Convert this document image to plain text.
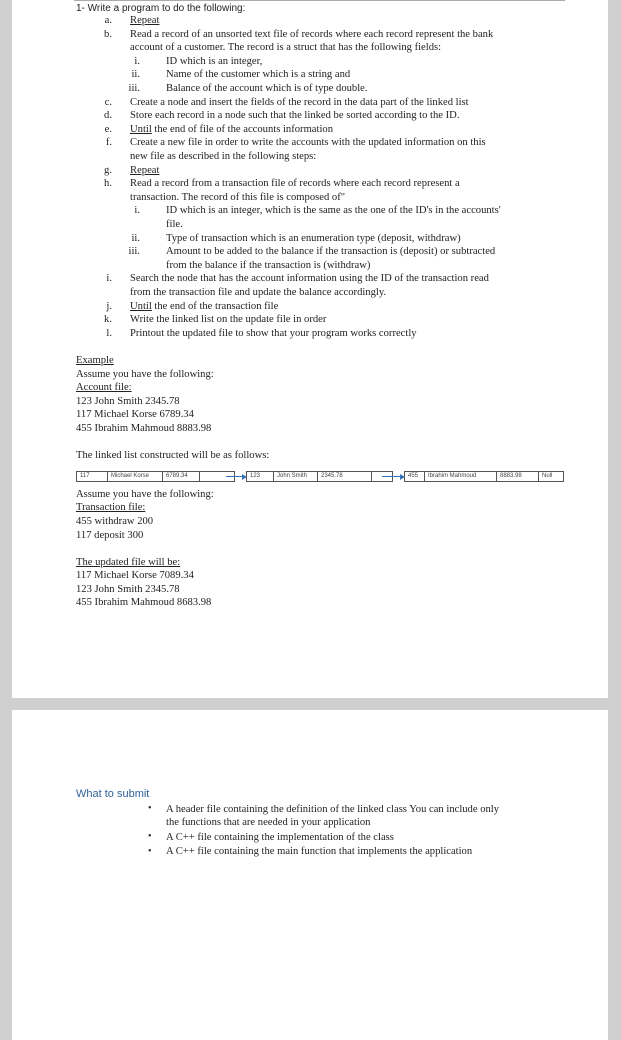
1- Write a program to do the following:
Example
Assume you have the following:
Account file:
123 John Smith 2345.78
117 Michael Korse 6789.34
455 Ibrahim Mahmoud 8883.98
The linked list constructed will be as follows:
117	Michael Korse	6789.34	123	John Smith	2345.78	455	Ibrahim Mahmoud	8883.98	Null
Assume you have the following:
Transaction file:
455 withdraw 200
117 deposit 300
The updated file will be:
117 Michael Korse 7089.34
123 John Smith 2345.78
455 Ibrahim Mahmoud 8683.98
a. Repeat
b. Read a record of an unsorted text file of records where each record represent the bank
account of a customer. The record is a struct that has the following fields:
i. ID which is an integer,
ii. Name of the customer which is a string and
iii. Balance of the account which is of type double.
c. Create a node and insert the fields of the record in the data part of the linked list
d. Store each record in a node such that the linked be sorted according to the ID.
e. Until the end of file of the accounts information
f. Create a new file in order to write the accounts with the updated information on this
new file as described in the following steps:
g. Repeat
h. Read a record from a transaction file of records where each record represent a
transaction. The record of this file is composed of"
i. ID which is an integer, which is the same as the one of the ID's in the accounts'
file.
ii. Type of transaction which is an enumeration type (deposit, withdraw)
iii. Amount to be added to the balance if the transaction is (deposit) or subtracted
from the balance if the transaction is (withdraw)
i. Search the node that has the account information using the ID of the transaction read
from the transaction file and update the balance accordingly.
j. Until the end of the transaction file
k. Write the linked list on the update file in order
l. Printout the updated file to show that your program works correctly
What to submit
• A header file containing the definition of the linked class You can include only
the functions that are needed in your application
• A C++ file containing the implementation of the class
• A C++ file containing the main function that implements the application
